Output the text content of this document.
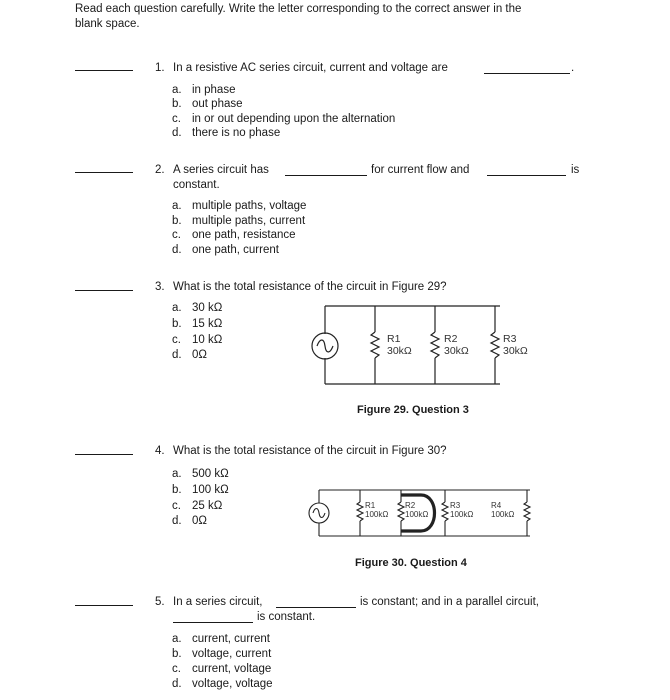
Read each question carefully. Write the letter corresponding to the correct answer in the
blank space.
1. In a resistive AC series circuit, current and voltage are	.
a. in phase
b. out phase
c. in or out depending upon the alternation
d. there is no phase
2. A series circuit has	for current flow and	is
constant.
a. multiple paths, voltage
b. multiple paths, current
c. one path, resistance
d. one path, current
3. What is the total resistance of the circuit in Figure 29?
a. 30 kΩ
b. 15 kΩ
c. 10 kΩ
d. 0Ω
R1
30kΩ
R2
30kΩ
R3
30kΩ
Figure 29. Question 3
4. What is the total resistance of the circuit in Figure 30?
a. 500 kΩ
b. 100 kΩ
c. 25 kΩ
d. 0Ω
R1
100kΩ
R2
100kΩ
R3
100kΩ
R4
100kΩ
Figure 30. Question 4
5. In a series circuit,	is constant; and in a parallel circuit,
is constant.
a. current, current
b. voltage, current
c. current, voltage
d. voltage, voltage
